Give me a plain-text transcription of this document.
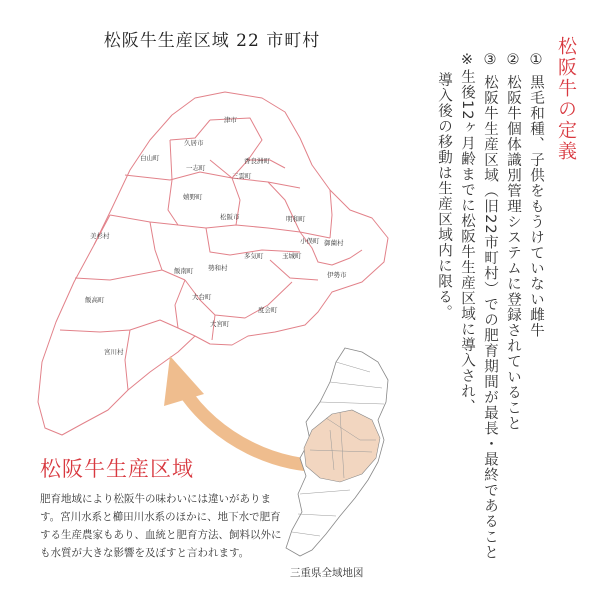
松阪牛生産区域 22 市町村
津市
久居市
白山町
一志町
香良洲町
三雲町
嬉野町
美杉村
松阪市	明和町
小俣町 御薗村
多気町	玉城町
飯南町 勢和村
伊勢市
飯高町	大台町
度会町
大宮町
宮川村
松阪牛生産区域
肥育地域により松阪牛の味わいには違いがあります。宮川水系と櫛田川水系のほかに、地下水で肥育する生産農家もあり、血統と肥育方法、飼料以外にも水質が大きな影響を及ぼすと言われます。
三重県全域地図
松阪牛の定義
① 黒毛和種、子供をもうけていない雌牛
② 松阪牛個体識別管理システムに登録されていること
③ 松阪牛生産区域（旧22市町村）での肥育期間が最長・最終であること
※生後12ヶ月齢までに松阪牛生産区域に導入され、
導入後の移動は生産区域内に限る。
